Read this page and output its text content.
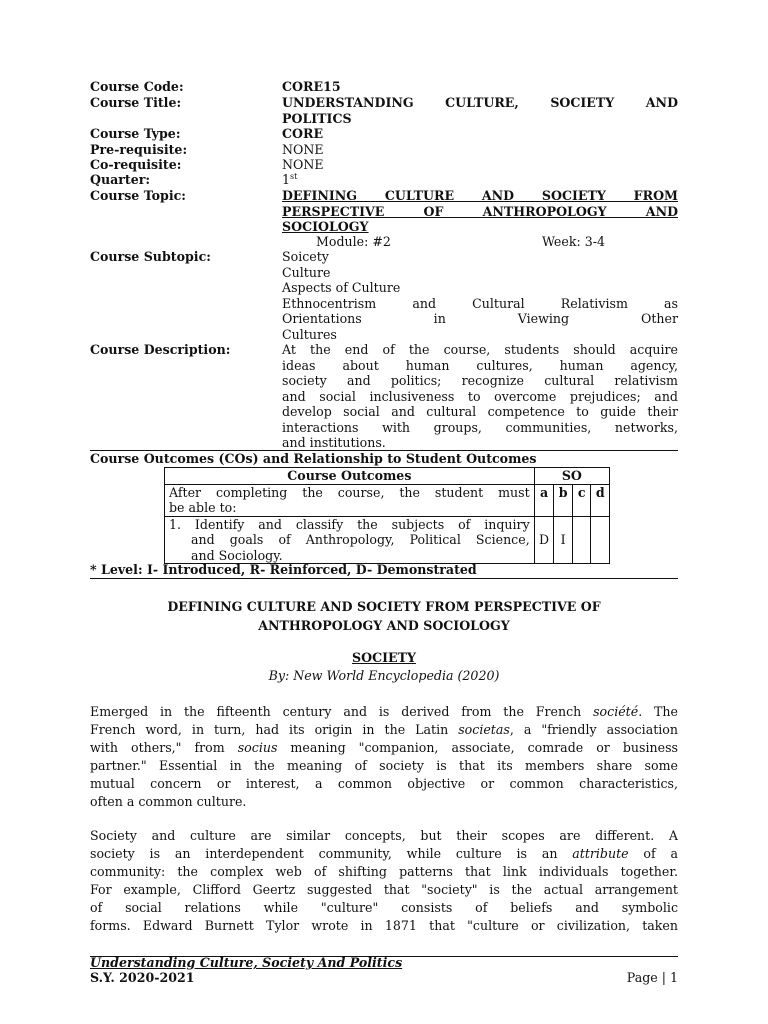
Course Code:	CORE15
Course Title:	UNDERSTANDING CULTURE, SOCIETY AND
POLITICS
Course Type:	CORE
Pre-requisite:	NONE
Co-requisite:	NONE
Quarter:	1st
Course Topic:	DEFINING CULTURE AND SOCIETY FROM
PERSPECTIVE OF ANTHROPOLOGY AND
SOCIOLOGY
Module: #2	Week: 3-4
Course Subtopic:	Soicety
Culture
Aspects of Culture
Ethnocentrism and Cultural Relativism as
Orientations in Viewing Other
Cultures
Course Description:	At the end of the course, students should acquire
ideas about human cultures, human agency,
society and politics; recognize cultural relativism
and social inclusiveness to overcome prejudices; and
develop social and cultural competence to guide their
interactions with groups, communities, networks,
and institutions.
Course Outcomes (COs) and Relationship to Student Outcomes
Course Outcomes	SO			

After completing the course, the student must
be able to:	a	b	c	d

1. Identify and classify the subjects of inquiry
and goals of Anthropology, Political Science,
and Sociology.	D	I		
* Level: I- Introduced, R- Reinforced, D- Demonstrated
DEFINING CULTURE AND SOCIETY FROM PERSPECTIVE OF
ANTHROPOLOGY AND SOCIOLOGY
SOCIETY
By: New World Encyclopedia (2020)
Emerged in the fifteenth century and is derived from the French société. The
French word, in turn, had its origin in the Latin societas, a "friendly association
with others," from socius meaning "companion, associate, comrade or business
partner." Essential in the meaning of society is that its members share some
mutual concern or interest, a common objective or common characteristics,
often a common culture.
Society and culture are similar concepts, but their scopes are different. A
society is an interdependent community, while culture is an attribute of a
community: the complex web of shifting patterns that link individuals together.
For example, Clifford Geertz suggested that "society" is the actual arrangement
of social relations while "culture" consists of beliefs and symbolic
forms. Edward Burnett Tylor wrote in 1871 that "culture or civilization, taken
Understanding Culture, Society And Politics
S.Y. 2020-2021	Page | 1
